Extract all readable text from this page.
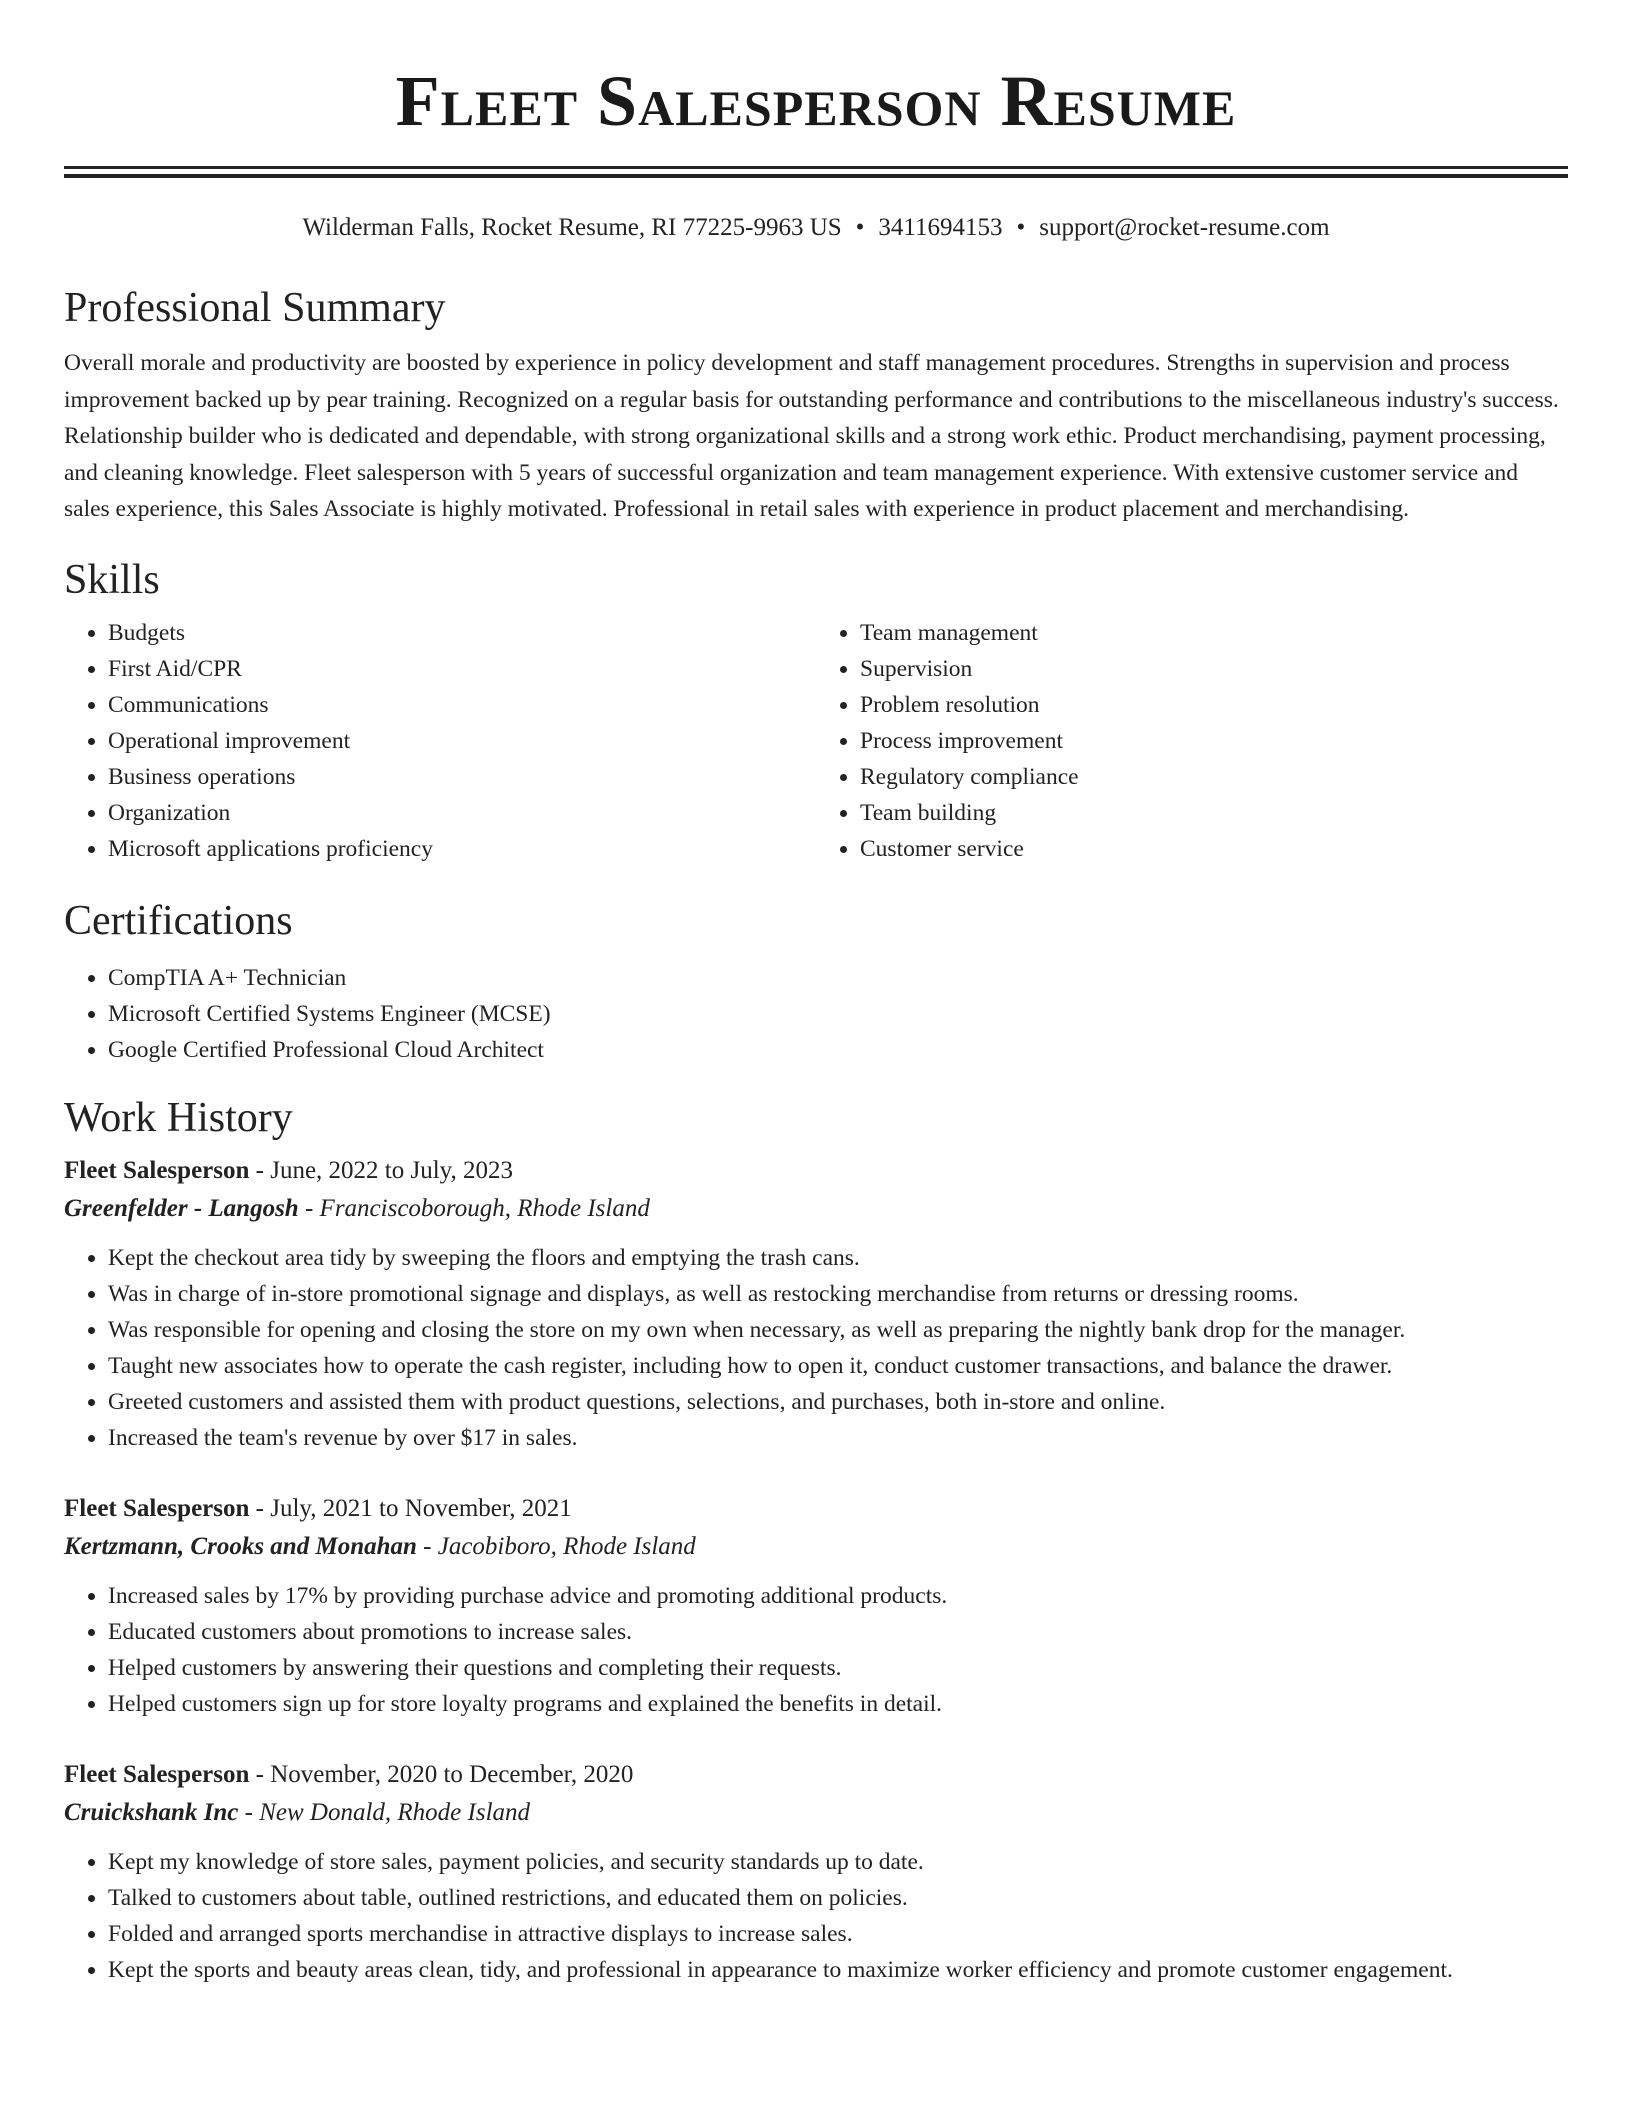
Fleet Salesperson Resume
Wilderman Falls, Rocket Resume, RI 77225-9963 US • 3411694153 • support@rocket-resume.com
Professional Summary

Overall morale and productivity are boosted by experience in policy development and staff management procedures. Strengths in supervision and process improvement backed up by pear training. Recognized on a regular basis for outstanding performance and contributions to the miscellaneous industry's success. Relationship builder who is dedicated and dependable, with strong organizational skills and a strong work ethic. Product merchandising, payment processing, and cleaning knowledge. Fleet salesperson with 5 years of successful organization and team management experience. With extensive customer service and sales experience, this Sales Associate is highly motivated. Professional in retail sales with experience in product placement and merchandising.

Skills
• Budgets
• First Aid/CPR
• Communications
• Operational improvement
• Business operations
• Organization
• Microsoft applications proficiency
• Team management
• Supervision
• Problem resolution
• Process improvement
• Regulatory compliance
• Team building
• Customer service
Certifications
• CompTIA A+ Technician
• Microsoft Certified Systems Engineer (MCSE)
• Google Certified Professional Cloud Architect
Work History
Fleet Salesperson - June, 2022 to July, 2023
Greenfelder - Langosh - Franciscoborough, Rhode Island
• Kept the checkout area tidy by sweeping the floors and emptying the trash cans.
• Was in charge of in-store promotional signage and displays, as well as restocking merchandise from returns or dressing rooms.
• Was responsible for opening and closing the store on my own when necessary, as well as preparing the nightly bank drop for the manager.
• Taught new associates how to operate the cash register, including how to open it, conduct customer transactions, and balance the drawer.
• Greeted customers and assisted them with product questions, selections, and purchases, both in-store and online.
• Increased the team's revenue by over $17 in sales.
Fleet Salesperson - July, 2021 to November, 2021
Kertzmann, Crooks and Monahan - Jacobiboro, Rhode Island
• Increased sales by 17% by providing purchase advice and promoting additional products.
• Educated customers about promotions to increase sales.
• Helped customers by answering their questions and completing their requests.
• Helped customers sign up for store loyalty programs and explained the benefits in detail.
Fleet Salesperson - November, 2020 to December, 2020
Cruickshank Inc - New Donald, Rhode Island
• Kept my knowledge of store sales, payment policies, and security standards up to date.
• Talked to customers about table, outlined restrictions, and educated them on policies.
• Folded and arranged sports merchandise in attractive displays to increase sales.
• Kept the sports and beauty areas clean, tidy, and professional in appearance to maximize worker efficiency and promote customer engagement.
